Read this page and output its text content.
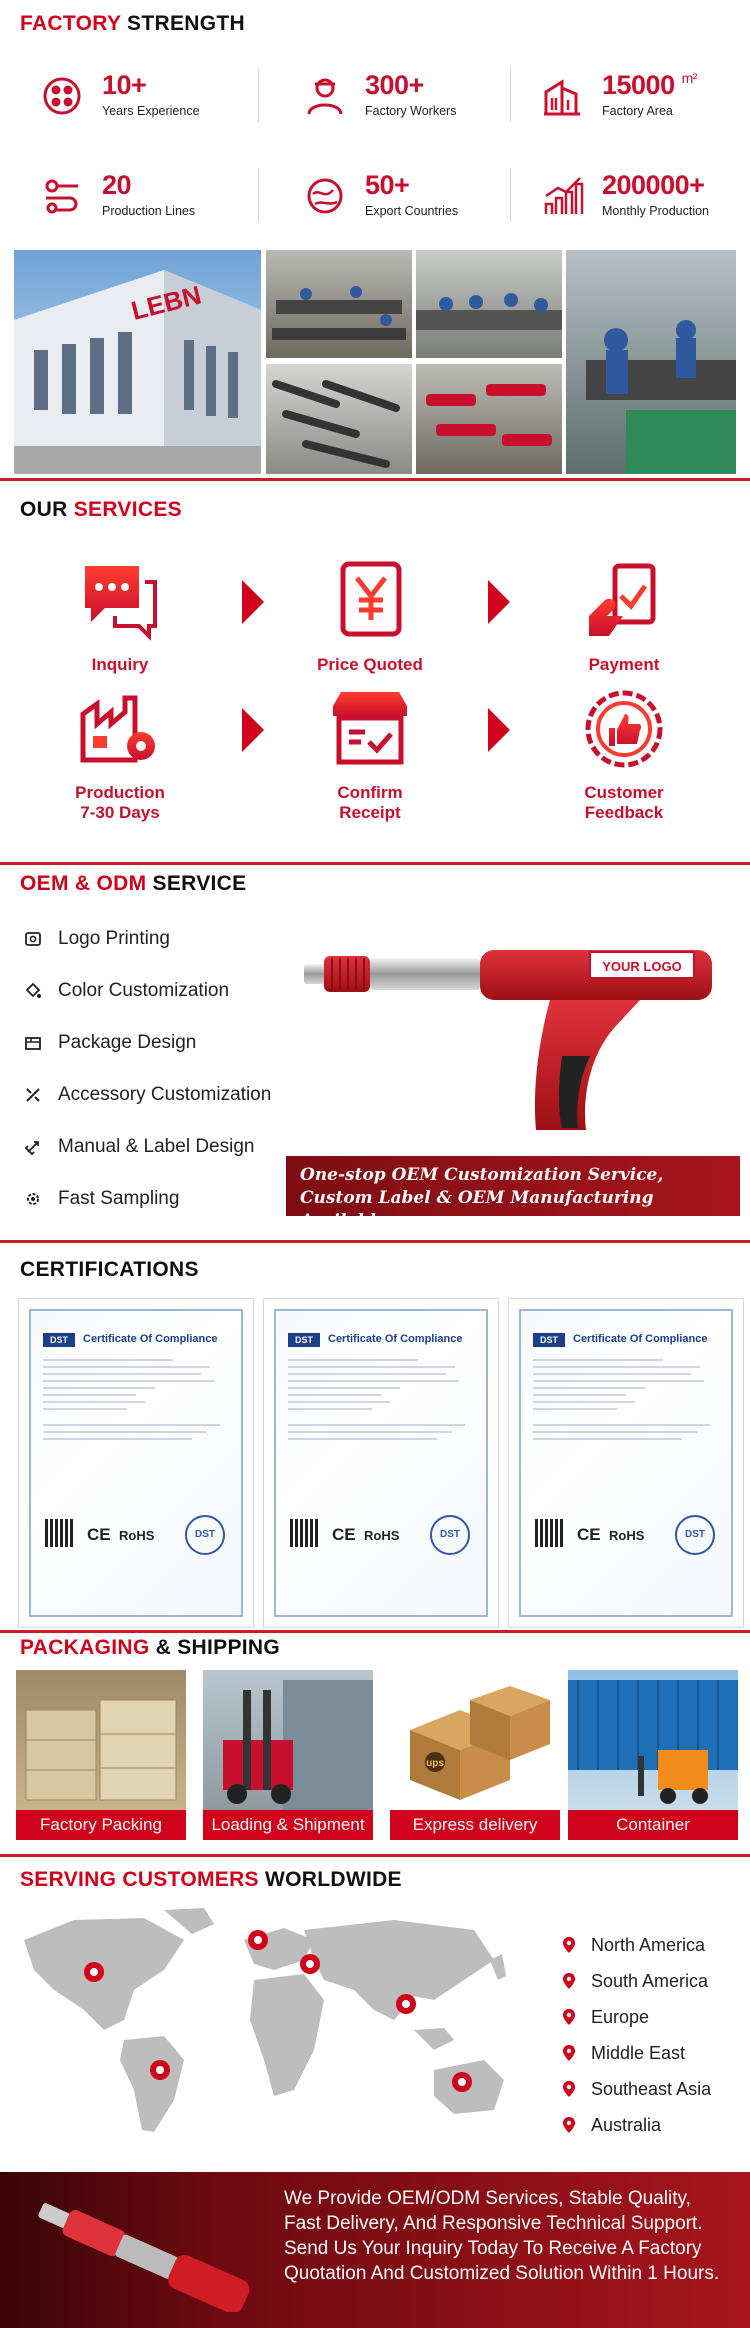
FACTORY STRENGTH
10+
Years Experience
300+
Factory Workers
15000 $^{m^2}$
Factory Area
20
Production Lines
50+
Export Countries
200000+
Monthly Production
LEBN
OUR SERVICES
Inquiry	Price Quoted	Payment
Production
7-30 Days
Confirm
Receipt
Customer
Feedback
OEM & ODM SERVICE
Logo Printing
Color Customization
Package Design
Accessory Customization
Manual & Label Design
Fast Sampling
YOUR LOGO
One-stop OEM Customization Service,
Custom Label & OEM Manufacturing Available
CERTIFICATIONS
DST	Certificate Of Compliance
CE RoHS	DST
DST	Certificate Of Compliance
CE RoHS	DST
DST	Certificate Of Compliance
CE RoHS	DST
PACKAGING & SHIPPING
Factory Packing	Loading & Shipment
ups
Express delivery	Container
SERVING CUSTOMERS WORLDWIDE
North America
South America
Europe
Middle East
Southeast Asia
Australia
We Provide OEM/ODM Services, Stable Quality, Fast Delivery, And Responsive Technical Support. Send Us Your Inquiry Today To Receive A Factory Quotation And Customized Solution Within 1 Hours.
